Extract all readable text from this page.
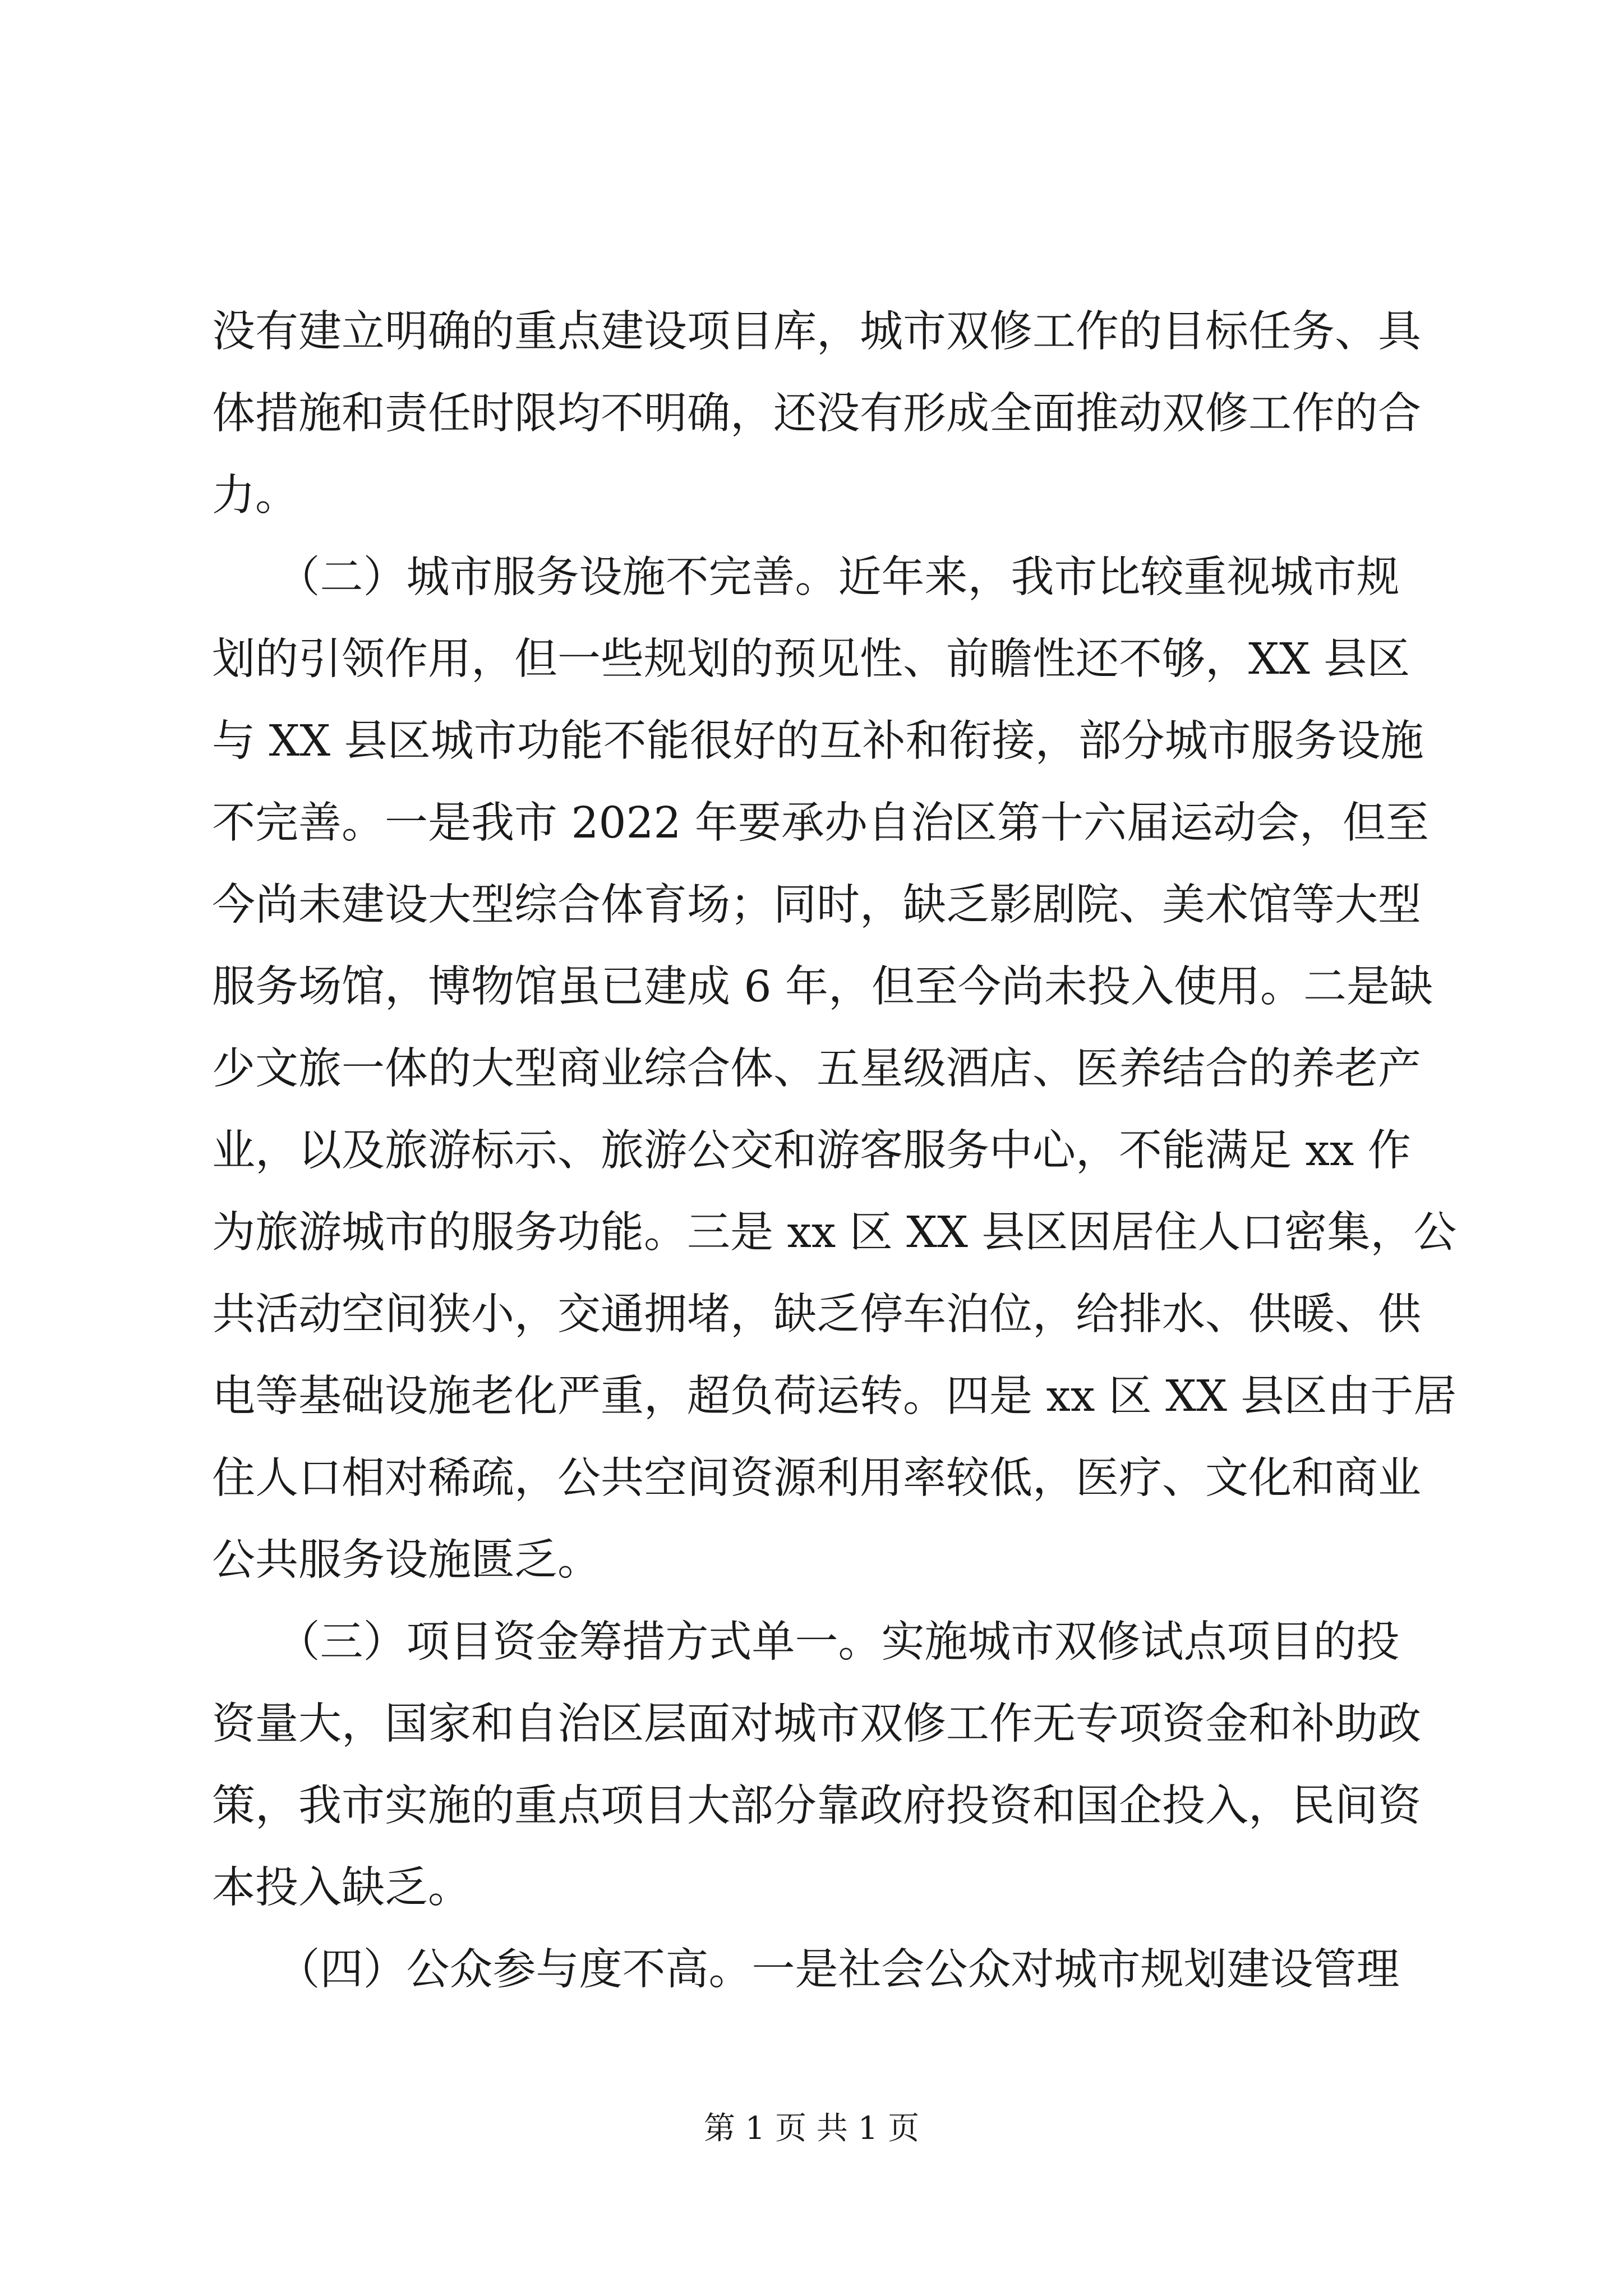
没有建立明确的重点建设项目库，城市双修工作的目标任务、具
体措施和责任时限均不明确，还没有形成全面推动双修工作的合
力。
　　（二）城市服务设施不完善。近年来，我市比较重视城市规
划的引领作用，但一些规划的预见性、前瞻性还不够，XX 县区
与 XX 县区城市功能不能很好的互补和衔接，部分城市服务设施
不完善。一是我市 2022 年要承办自治区第十六届运动会，但至
今尚未建设大型综合体育场；同时，缺乏影剧院、美术馆等大型
服务场馆，博物馆虽已建成 6 年，但至今尚未投入使用。二是缺
少文旅一体的大型商业综合体、五星级酒店、医养结合的养老产
业，以及旅游标示、旅游公交和游客服务中心，不能满足 xx 作
为旅游城市的服务功能。三是 xx 区 XX 县区因居住人口密集，公
共活动空间狭小，交通拥堵，缺乏停车泊位，给排水、供暖、供
电等基础设施老化严重，超负荷运转。四是 xx 区 XX 县区由于居
住人口相对稀疏，公共空间资源利用率较低，医疗、文化和商业
公共服务设施匮乏。
　　（三）项目资金筹措方式单一。实施城市双修试点项目的投
资量大，国家和自治区层面对城市双修工作无专项资金和补助政
策，我市实施的重点项目大部分靠政府投资和国企投入，民间资
本投入缺乏。
　　（四）公众参与度不高。一是社会公众对城市规划建设管理
第 1 页 共 1 页
